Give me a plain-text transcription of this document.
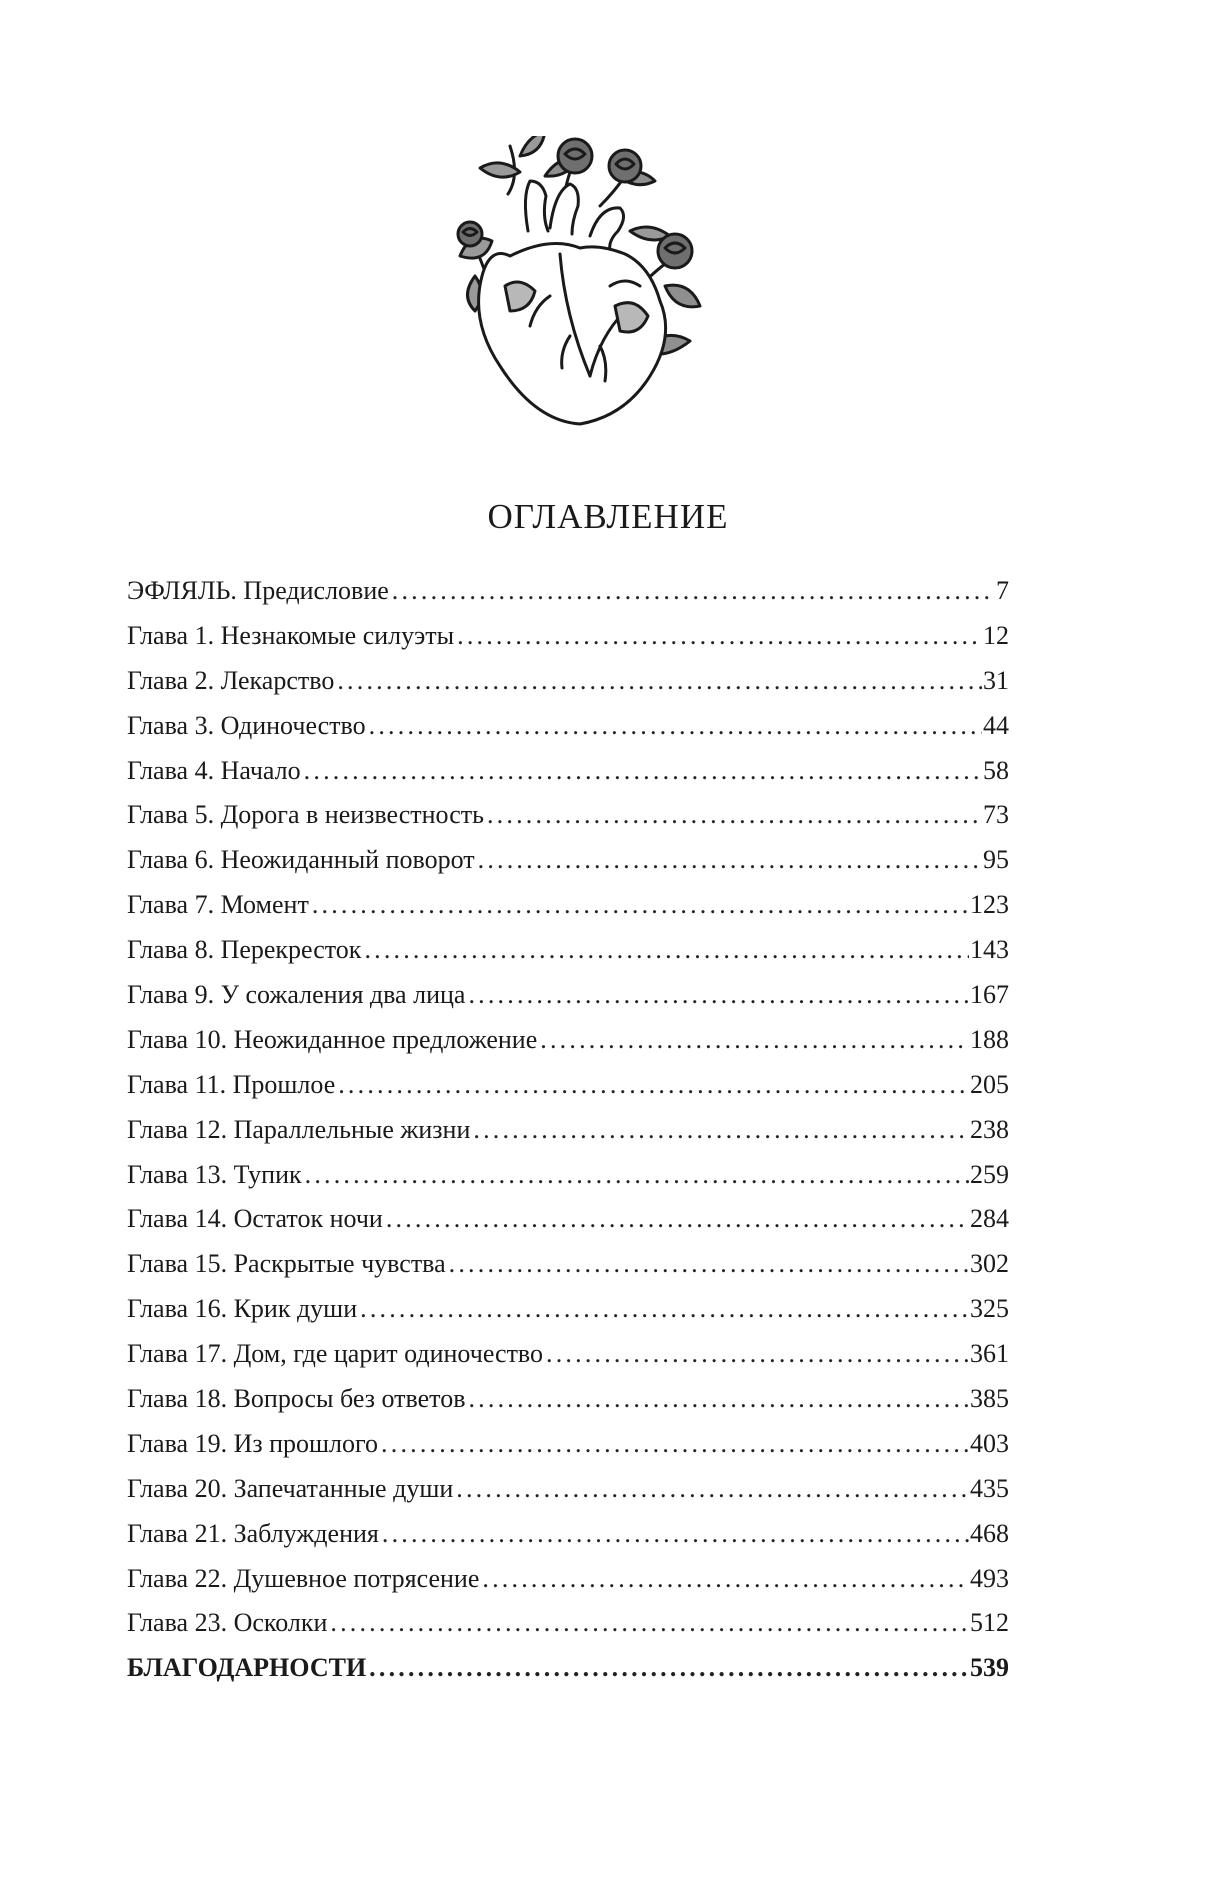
ОГЛАВЛЕНИЕ
ЭФЛЯЛЬ. Предисловие .....	7
Глава 1. Незнакомые силуэты .....	12
Глава 2. Лекарство .....	31
Глава 3. Одиночество .....	44
Глава 4. Начало .....	58
Глава 5. Дорога в неизвестность .....	73
Глава 6. Неожиданный поворот .....	95
Глава 7. Момент .....	123
Глава 8. Перекресток .....	143
Глава 9. У сожаления два лица .....	167
Глава 10. Неожиданное предложение .....	188
Глава 11. Прошлое .....	205
Глава 12. Параллельные жизни .....	238
Глава 13. Тупик .....	259
Глава 14. Остаток ночи .....	284
Глава 15. Раскрытые чувства .....	302
Глава 16. Крик души .....	325
Глава 17. Дом, где царит одиночество .....	361
Глава 18. Вопросы без ответов .....	385
Глава 19. Из прошлого .....	403
Глава 20. Запечатанные души .....	435
Глава 21. Заблуждения .....	468
Глава 22. Душевное потрясение .....	493
Глава 23. Осколки .....	512
БЛАГОДАРНОСТИ .....	539
